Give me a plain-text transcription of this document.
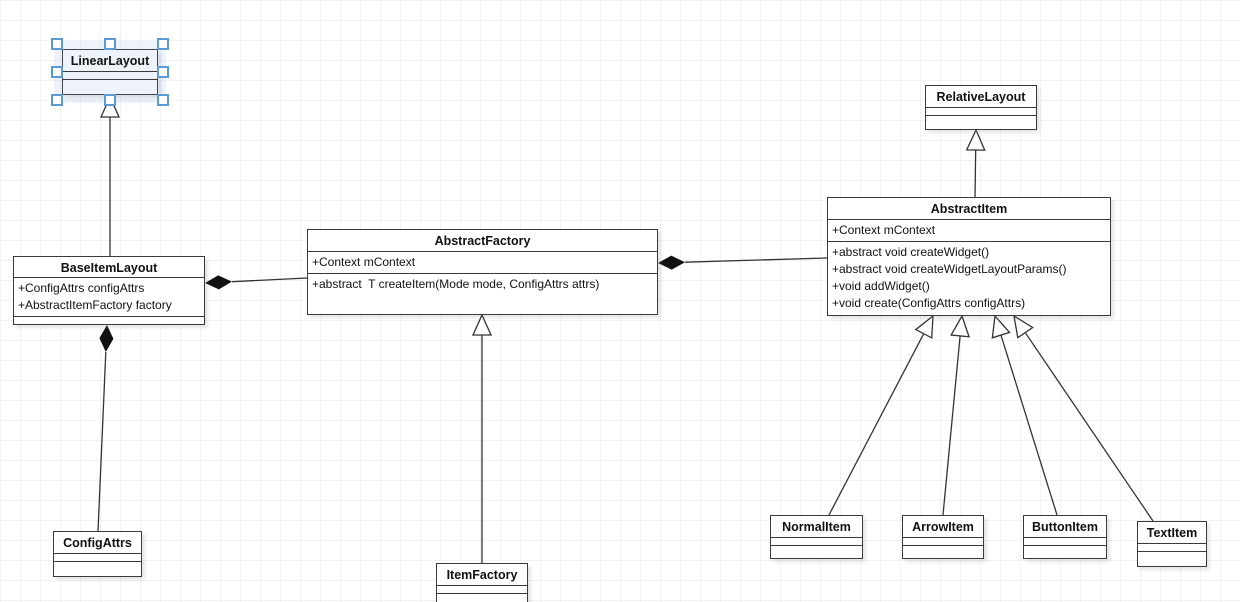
LinearLayout
RelativeLayout
BaseItemLayout
+ConfigAttrs configAttrs
+AbstractItemFactory factory
AbstractFactory
+Context mContext
+abstract  T createItem(Mode mode, ConfigAttrs attrs)
AbstractItem
+Context mContext
+abstract void createWidget()
+abstract void createWidgetLayoutParams()
+void addWidget()
+void create(ConfigAttrs configAttrs)
ConfigAttrs
ItemFactory
NormalItem	ArrowItem	ButtonItem	TextItem
